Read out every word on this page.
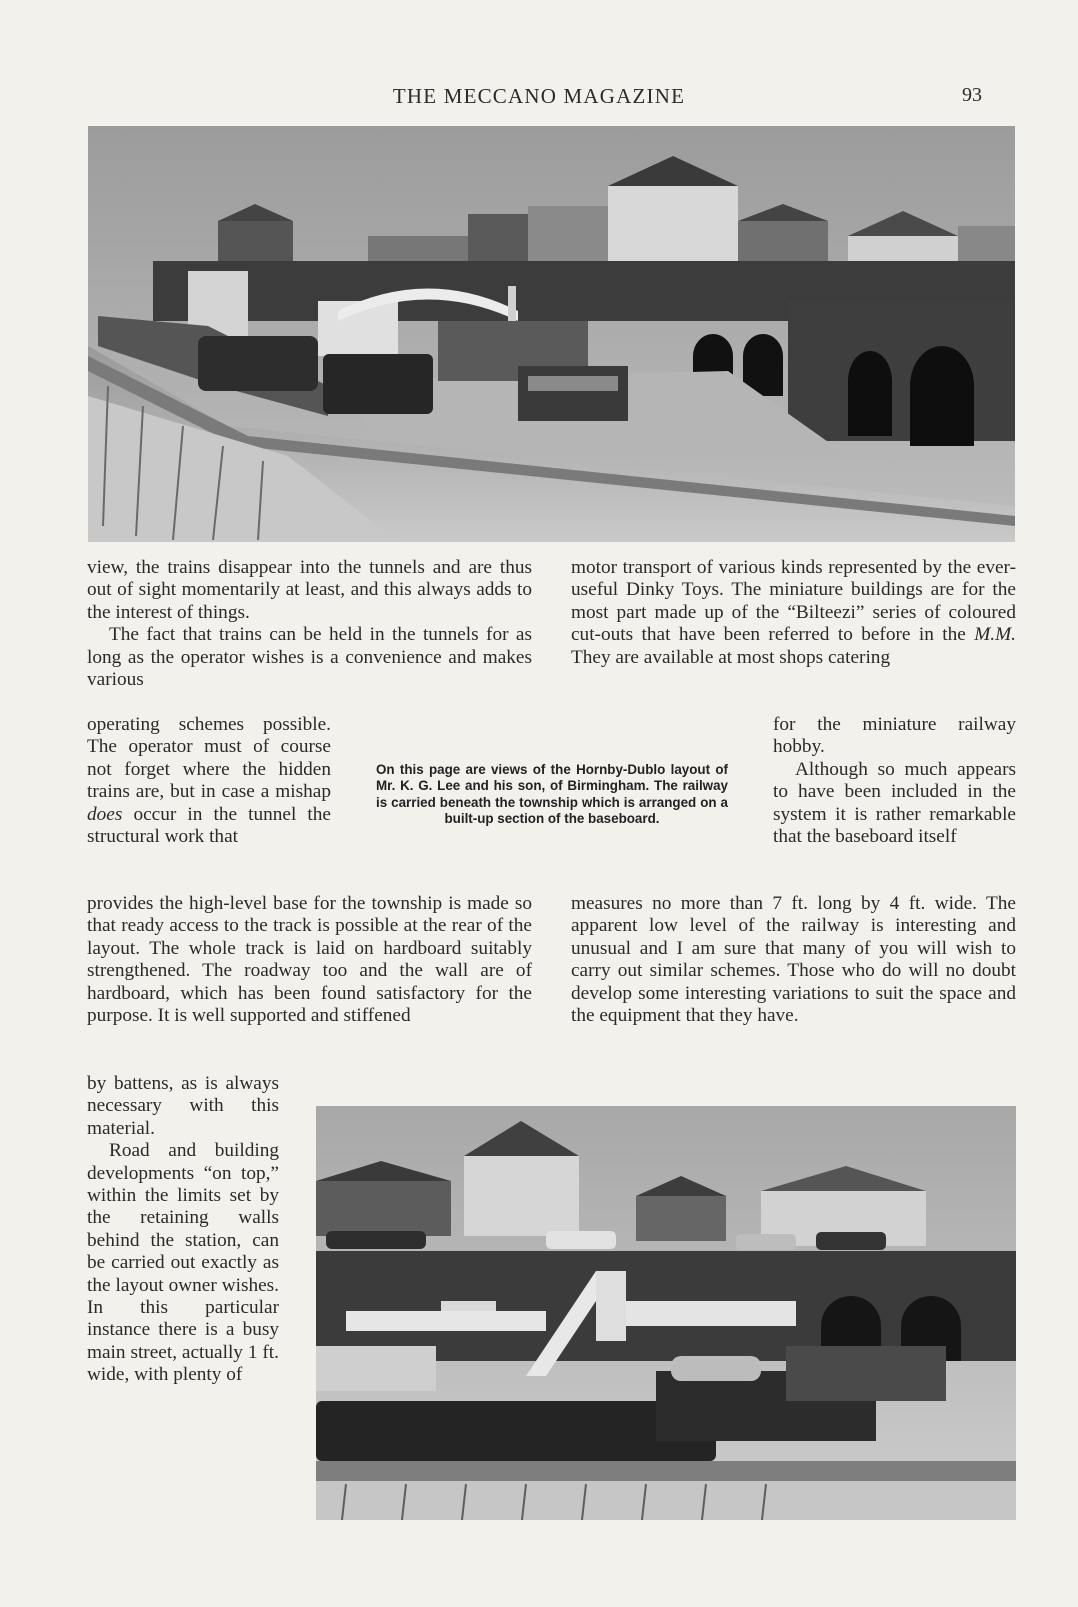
THE MECCANO MAGAZINE	93

view, the trains disappear into the tunnels and are thus out of sight momentarily at least, and this always adds to the interest of things.

The fact that trains can be held in the tunnels for as long as the operator wishes is a convenience and makes various

operating schemes possible. The operator must of course not forget where the hidden trains are, but in case a mishap does occur in the tunnel the structural work that

provides the high-level base for the township is made so that ready access to the track is possible at the rear of the layout. The whole track is laid on hardboard suitably strengthened. The roadway too and the wall are of hardboard, which has been found satisfactory for the purpose. It is well supported and stiffened

by battens, as is always necessary with this material.

Road and building developments “on top,” within the limits set by the retaining walls behind the station, can be carried out exactly as the layout owner wishes. In this particular instance there is a busy main street, actually 1 ft. wide, with plenty of

On this page are views of the Hornby-Dublo layout of Mr. K. G. Lee and his son, of Birmingham. The railway is carried beneath the township which is arranged on a built-up section of the baseboard.

motor transport of various kinds represented by the ever-useful Dinky Toys. The miniature buildings are for the most part made up of the “Bilteezi” series of coloured cut-outs that have been referred to before in the M.M. They are available at most shops catering

for the miniature railway hobby.

Although so much appears to have been included in the system it is rather remarkable that the baseboard itself

measures no more than 7 ft. long by 4 ft. wide. The apparent low level of the railway is interesting and unusual and I am sure that many of you will wish to carry out similar schemes. Those who do will no doubt develop some interesting variations to suit the space and the equipment that they have.
